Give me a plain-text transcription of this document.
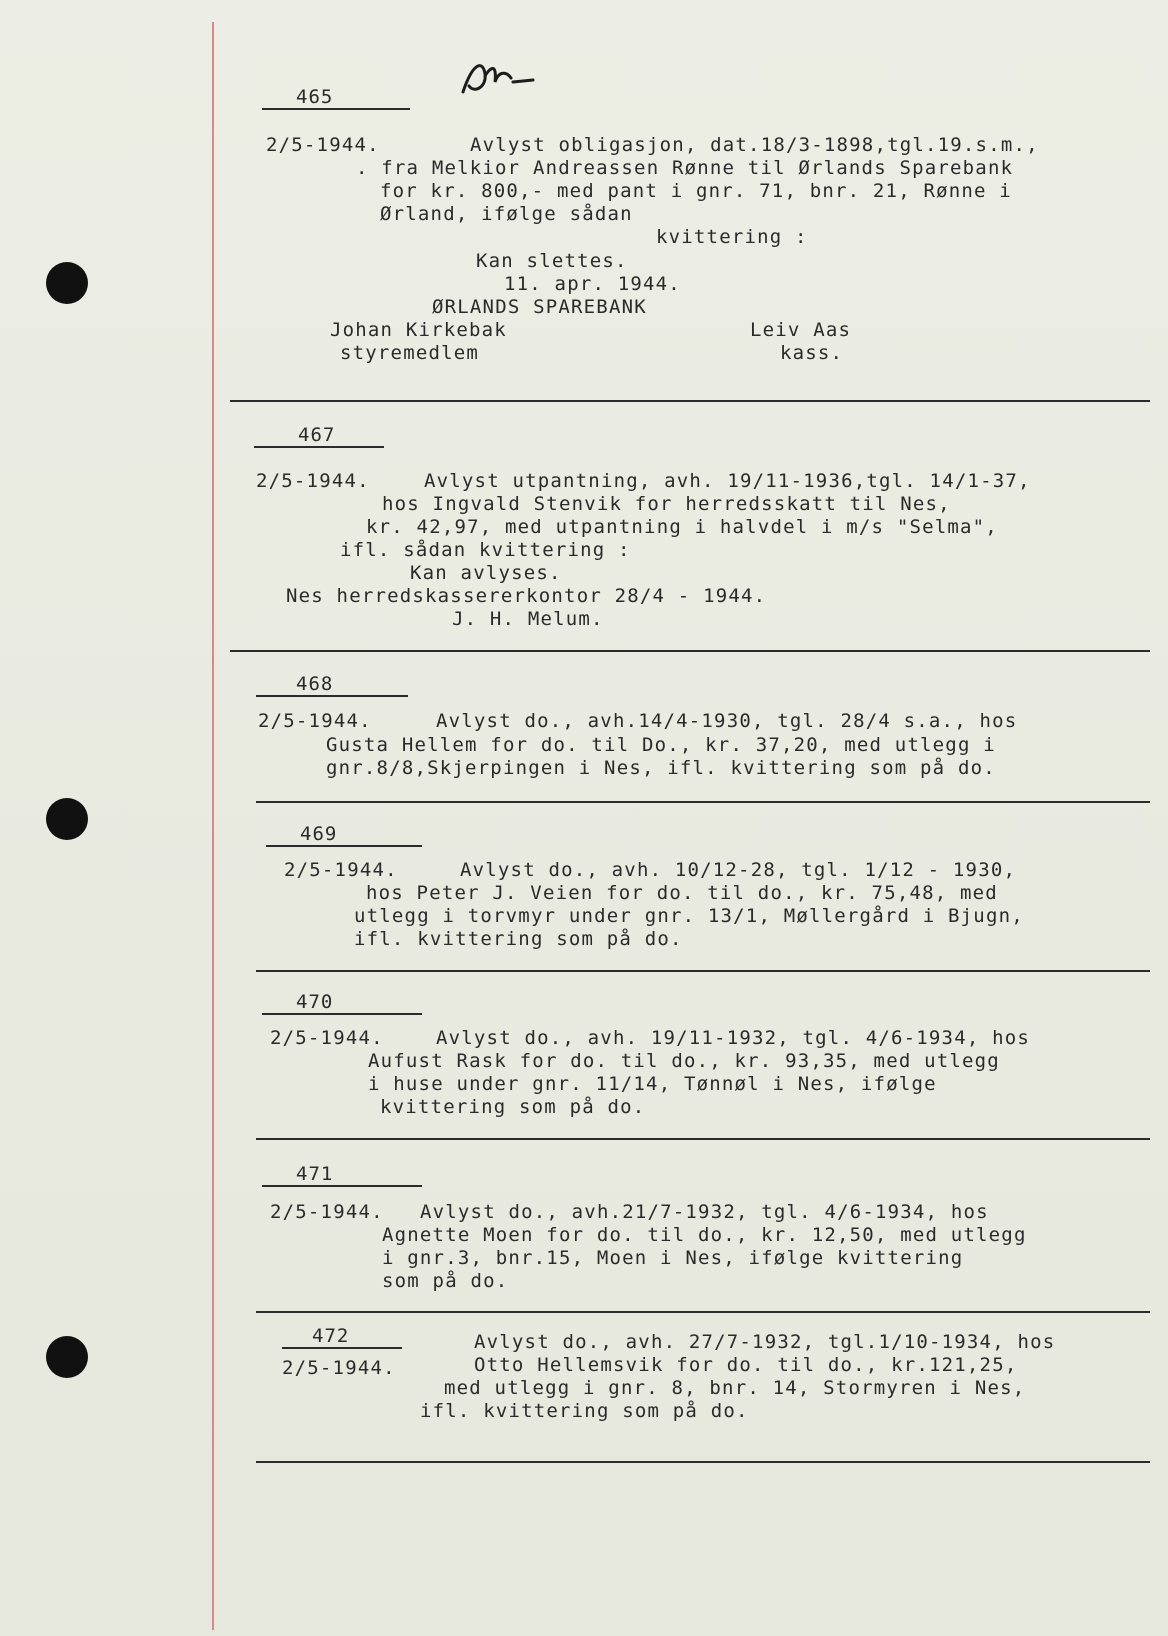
465
2/5-1944.	Avlyst obligasjon, dat.18/3-1898,tgl.19.s.m.,
. fra Melkior Andreassen Rønne til Ørlands Sparebank
for kr. 800,- med pant i gnr. 71, bnr. 21, Rønne i
Ørland, ifølge sådan
kvittering :
Kan slettes.
11. apr. 1944.
ØRLANDS SPAREBANK
Johan Kirkebak	Leiv Aas
styremedlem	kass.
467
2/5-1944.	Avlyst utpantning, avh. 19/11-1936,tgl. 14/1-37,
hos Ingvald Stenvik for herredsskatt til Nes,
kr. 42,97, med utpantning i halvdel i m/s "Selma",
ifl. sådan kvittering :
Kan avlyses.
Nes herredskassererkontor 28/4 - 1944.
J. H. Melum.
468
2/5-1944.	Avlyst do., avh.14/4-1930, tgl. 28/4 s.a., hos
Gusta Hellem for do. til Do., kr. 37,20, med utlegg i
gnr.8/8,Skjerpingen i Nes, ifl. kvittering som på do.
469
2/5-1944.	Avlyst do., avh. 10/12-28, tgl. 1/12 - 1930,
hos Peter J. Veien for do. til do., kr. 75,48, med
utlegg i torvmyr under gnr. 13/1, Møllergård i Bjugn,
ifl. kvittering som på do.
470
2/5-1944.	Avlyst do., avh. 19/11-1932, tgl. 4/6-1934, hos
Aufust Rask for do. til do., kr. 93,35, med utlegg
i huse under gnr. 11/14, Tønnøl i Nes, ifølge
kvittering som på do.
471
2/5-1944. Avlyst do., avh.21/7-1932, tgl. 4/6-1934, hos
Agnette Moen for do. til do., kr. 12,50, med utlegg
i gnr.3, bnr.15, Moen i Nes, ifølge kvittering
som på do.
472
2/5-1944.
Avlyst do., avh. 27/7-1932, tgl.1/10-1934, hos
Otto Hellemsvik for do. til do., kr.121,25,
med utlegg i gnr. 8, bnr. 14, Stormyren i Nes,
ifl. kvittering som på do.
